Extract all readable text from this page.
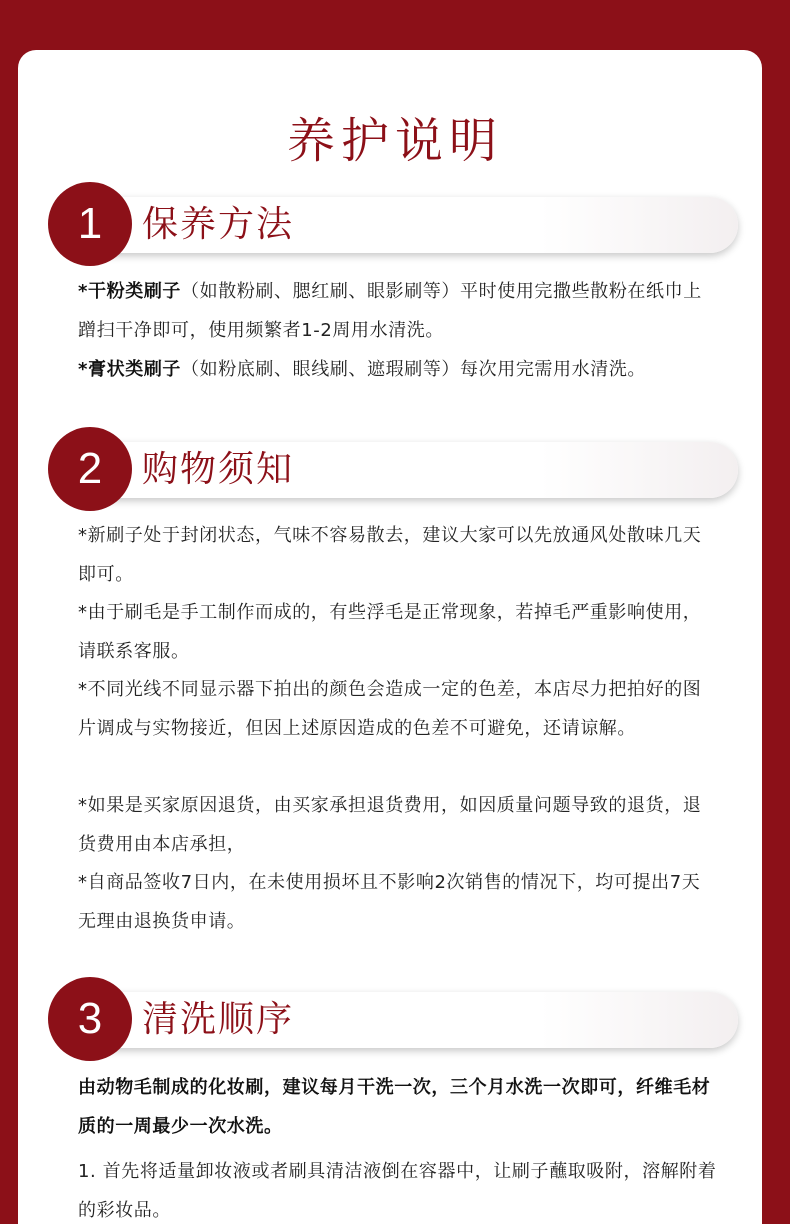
养护说明
1	保养方法
*干粉类刷子（如散粉刷、腮红刷、眼影刷等）平时使用完撒些散粉在纸巾上蹭扫干净即可，使用频繁者1-2周用水清洗。
*膏状类刷子（如粉底刷、眼线刷、遮瑕刷等）每次用完需用水清洗。
2	购物须知
*新刷子处于封闭状态，气味不容易散去，建议大家可以先放通风处散味几天即可。
*由于刷毛是手工制作而成的，有些浮毛是正常现象，若掉毛严重影响使用，请联系客服。
*不同光线不同显示器下拍出的颜色会造成一定的色差，本店尽力把拍好的图片调成与实物接近，但因上述原因造成的色差不可避免，还请谅解。
*如果是买家原因退货，由买家承担退货费用，如因质量问题导致的退货，退货费用由本店承担，
*自商品签收7日内，在未使用损坏且不影响2次销售的情况下，均可提出7天无理由退换货申请。
3	清洗顺序
由动物毛制成的化妆刷，建议每月干洗一次，三个月水洗一次即可，纤维毛材质的一周最少一次水洗。
1. 首先将适量卸妆液或者刷具清洁液倒在容器中，让刷子蘸取吸附，溶解附着的彩妆品。
